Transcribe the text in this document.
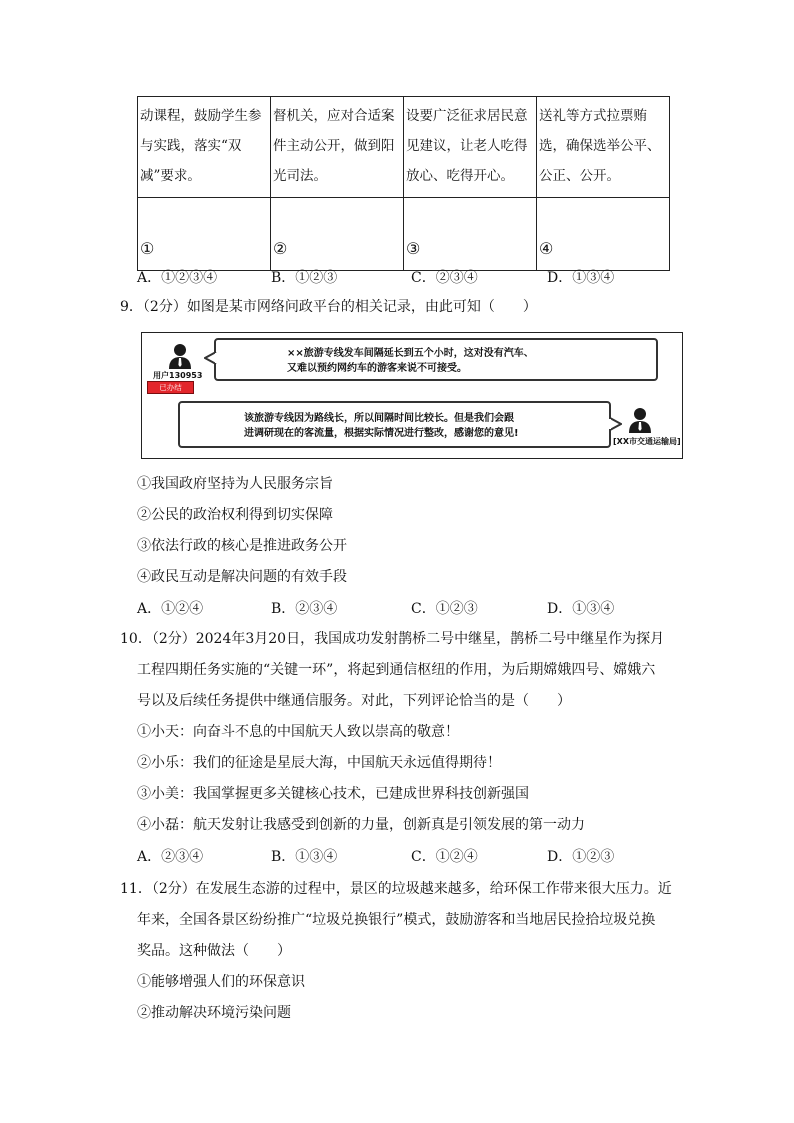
动课程，鼓励学生参与实践，落实“双减”要求。	督机关，应对合适案件主动公开，做到阳光司法。	设要广泛征求居民意见建议，让老人吃得放心、吃得开心。	送礼等方式拉票贿选，确保选举公平、公正、公开。
①	②	③	④
A．①②③④	B．①②③	C．②③④	D．①③④
9．（2分）如图是某市网络问政平台的相关记录，由此可知（　　）
用户130953
已办结
××旅游专线发车间隔延长到五个小时，这对没有汽车、
又难以预约网约车的游客来说不可接受。
该旅游专线因为路线长，所以间隔时间比较长。但是我们会跟
进调研现在的客流量，根据实际情况进行整改，感谢您的意见!
[XX市交通运输局]
①我国政府坚持为人民服务宗旨
②公民的政治权利得到切实保障
③依法行政的核心是推进政务公开
④政民互动是解决问题的有效手段
A．①②④	B．②③④	C．①②③	D．①③④
10．（2分）2024年3月20日，我国成功发射鹊桥二号中继星，鹊桥二号中继星作为探月
工程四期任务实施的“关键一环”，将起到通信枢纽的作用，为后期嫦娥四号、嫦娥六
号以及后续任务提供中继通信服务。对此，下列评论恰当的是（　　）
①小天：向奋斗不息的中国航天人致以崇高的敬意！
②小乐：我们的征途是星辰大海，中国航天永远值得期待！
③小美：我国掌握更多关键核心技术，已建成世界科技创新强国
④小磊：航天发射让我感受到创新的力量，创新真是引领发展的第一动力
A．②③④	B．①③④	C．①②④	D．①②③
11．（2分）在发展生态游的过程中，景区的垃圾越来越多，给环保工作带来很大压力。近
年来，全国各景区纷纷推广“垃圾兑换银行”模式，鼓励游客和当地居民捡拾垃圾兑换
奖品。这种做法（　　）
①能够增强人们的环保意识
②推动解决环境污染问题
